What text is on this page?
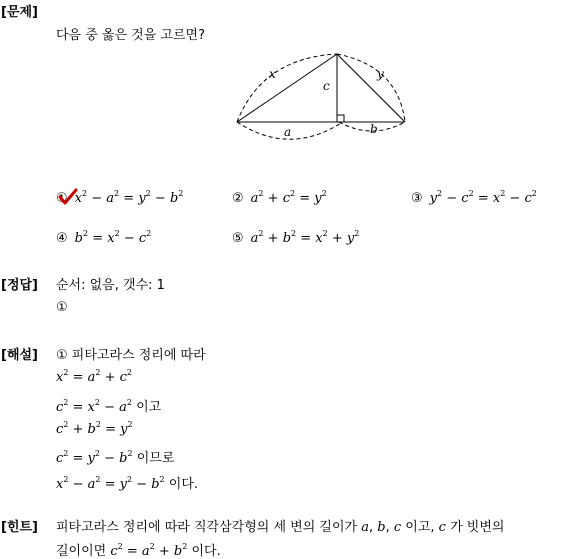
[문제]
다음 중 옳은 것을 고르면?
x	y
c
a	b
① $x^2 - a^2 = y^2 - b^2$	② $a^2 + c^2 = y^2$	③ $y^2 - c^2 = x^2 - c^2$
④ $b^2 = x^2 - c^2$	⑤ $a^2 + b^2 = x^2 + y^2$
[정답] 순서: 없음, 갯수: 1
①
[해설] ① 피타고라스 정리에 따라
$x^2 = a^2 + c^2$
$c^2 = x^2 - a^2$ 이고
$c^2 + b^2 = y^2$
$c^2 = y^2 - b^2$ 이므로
$x^2 - a^2 = y^2 - b^2$ 이다.
[힌트] 피타고라스 정리에 따라 직각삼각형의 세 변의 길이가 a, b, c 이고, c 가 빗변의
길이이면 $c^2 = a^2 + b^2$ 이다.
